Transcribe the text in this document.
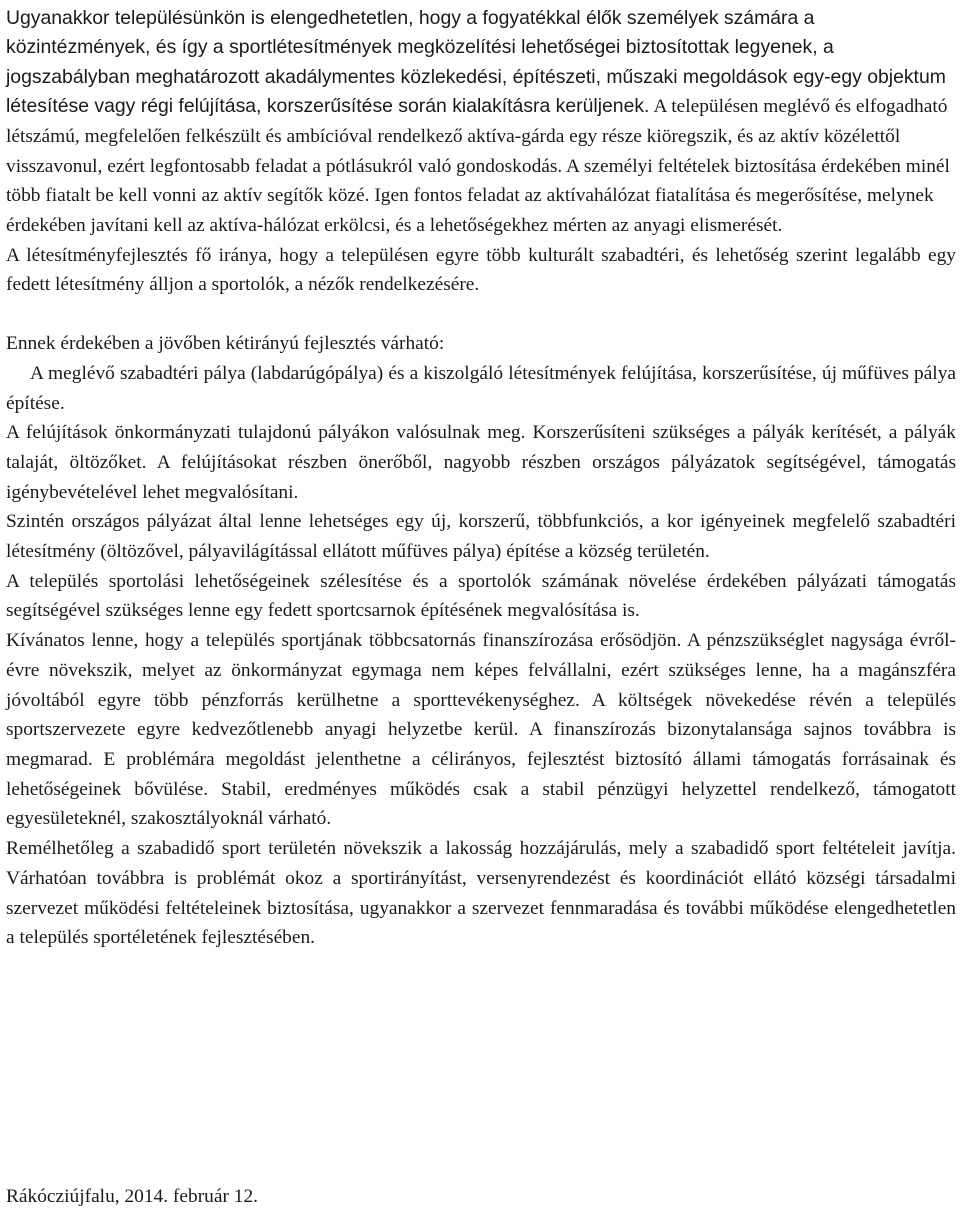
Ugyanakkor településünkön is elengedhetetlen, hogy a fogyatékkal élők személyek számára a közintézmények, és így a sportlétesítmények megközelítési lehetőségei biztosítottak legyenek, a jogszabályban meghatározott akadálymentes közlekedési, építészeti, műszaki megoldások egy-egy objektum létesítése vagy régi felújítása, korszerűsítése során kialakításra kerüljenek. A településen meglévő és elfogadható létszámú, megfelelően felkészült és ambícióval rendelkező aktíva-gárda egy része kiöregszik, és az aktív közélettől visszavonul, ezért legfontosabb feladat a pótlásukról való gondoskodás. A személyi feltételek biztosítása érdekében minél több fiatalt be kell vonni az aktív segítők közé. Igen fontos feladat az aktívahálózat fiatalítása és megerősítése, melynek érdekében javítani kell az aktíva-hálózat erkölcsi, és a lehetőségekhez mérten az anyagi elismerését.

A létesítményfejlesztés fő iránya, hogy a településen egyre több kulturált szabadtéri, és lehetőség szerint legalább egy fedett létesítmény álljon a sportolók, a nézők rendelkezésére.

Ennek érdekében a jövőben kétirányú fejlesztés várható:

A meglévő szabadtéri pálya (labdarúgópálya) és a kiszolgáló létesítmények felújítása, korszerűsítése, új műfüves pálya építése.

A felújítások önkormányzati tulajdonú pályákon valósulnak meg. Korszerűsíteni szükséges a pályák kerítését, a pályák talaját, öltözőket. A felújításokat részben önerőből, nagyobb részben országos pályázatok segítségével, támogatás igénybevételével lehet megvalósítani.

Szintén országos pályázat által lenne lehetséges egy új, korszerű, többfunkciós, a kor igényeinek megfelelő szabadtéri létesítmény (öltözővel, pályavilágítással ellátott műfüves pálya) építése a község területén.

A település sportolási lehetőségeinek szélesítése és a sportolók számának növelése érdekében pályázati támogatás segítségével szükséges lenne egy fedett sportcsarnok építésének megvalósítása is.

Kívánatos lenne, hogy a település sportjának többcsatornás finanszírozása erősödjön. A pénzszükséglet nagysága évről-évre növekszik, melyet az önkormányzat egymaga nem képes felvállalni, ezért szükséges lenne, ha a magánszféra jóvoltából egyre több pénzforrás kerülhetne a sporttevékenységhez. A költségek növekedése révén a település sportszervezete egyre kedvezőtlenebb anyagi helyzetbe kerül. A finanszírozás bizonytalansága sajnos továbbra is megmarad. E problémára megoldást jelenthetne a célirányos, fejlesztést biztosító állami támogatás forrásainak és lehetőségeinek bővülése. Stabil, eredményes működés csak a stabil pénzügyi helyzettel rendelkező, támogatott egyesületeknél, szakosztályoknál várható.

Remélhetőleg a szabadidő sport területén növekszik a lakosság hozzájárulás, mely a szabadidő sport feltételeit javítja. Várhatóan továbbra is problémát okoz a sportirányítást, versenyrendezést és koordinációt ellátó községi társadalmi szervezet működési feltételeinek biztosítása, ugyanakkor a szervezet fennmaradása és további működése elengedhetetlen a település sportéletének fejlesztésében.

Rákócziújfalu, 2014. február 12.
